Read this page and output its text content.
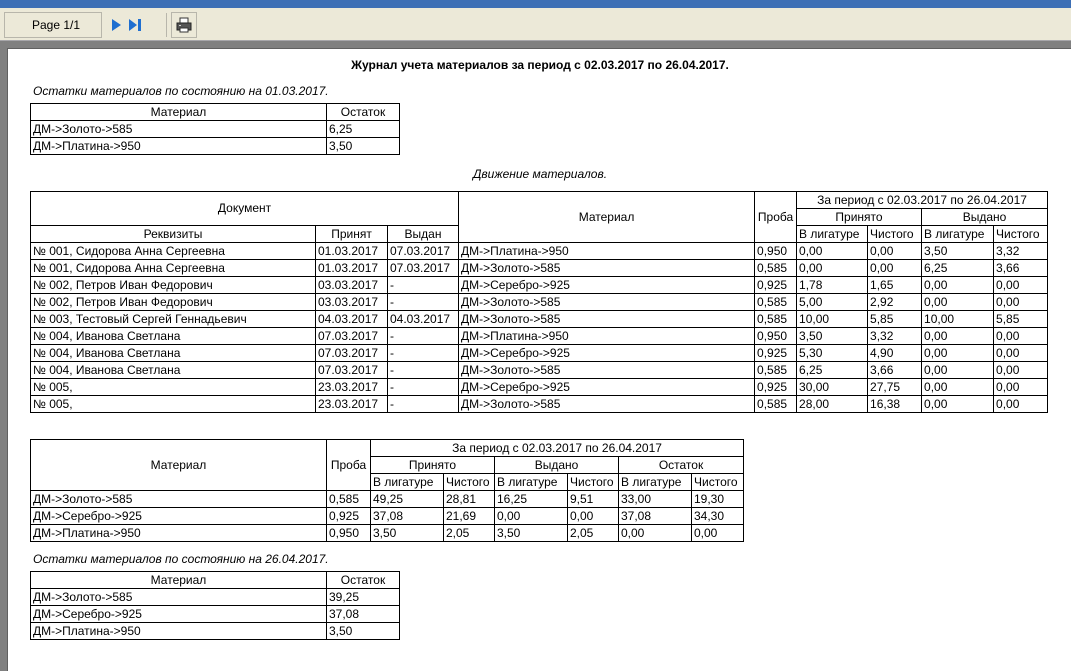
Page 1/1
Журнал учета материалов за период с 02.03.2017 по 26.04.2017.
Остатки материалов по состоянию на 01.03.2017.
Материал	Остаток
ДМ->Золото->585	6,25
ДМ->Платина->950	3,50
Движение материалов.
Документ			Материал	Проба	За период с 02.03.2017 по 26.04.2017			
					Принято		Выдано	
Реквизиты	Принят	Выдан			В лигатуре	Чистого	В лигатуре	Чистого
№ 001, Сидорова Анна Сергеевна	01.03.2017	07.03.2017	ДМ->Платина->950	0,950	0,00	0,00	3,50	3,32
№ 001, Сидорова Анна Сергеевна	01.03.2017	07.03.2017	ДМ->Золото->585	0,585	0,00	0,00	6,25	3,66
№ 002, Петров Иван Федорович	03.03.2017	-	ДМ->Серебро->925	0,925	1,78	1,65	0,00	0,00
№ 002, Петров Иван Федорович	03.03.2017	-	ДМ->Золото->585	0,585	5,00	2,92	0,00	0,00
№ 003, Тестовый Сергей Геннадьевич	04.03.2017	04.03.2017	ДМ->Золото->585	0,585	10,00	5,85	10,00	5,85
№ 004, Иванова Светлана	07.03.2017	-	ДМ->Платина->950	0,950	3,50	3,32	0,00	0,00
№ 004, Иванова Светлана	07.03.2017	-	ДМ->Серебро->925	0,925	5,30	4,90	0,00	0,00
№ 004, Иванова Светлана	07.03.2017	-	ДМ->Золото->585	0,585	6,25	3,66	0,00	0,00
№ 005,	23.03.2017	-	ДМ->Серебро->925	0,925	30,00	27,75	0,00	0,00
№ 005,	23.03.2017	-	ДМ->Золото->585	0,585	28,00	16,38	0,00	0,00
Материал	Проба	За период с 02.03.2017 по 26.04.2017					
		Принято		Выдано		Остаток	
		В лигатуре	Чистого	В лигатуре	Чистого	В лигатуре	Чистого
ДМ->Золото->585	0,585	49,25	28,81	16,25	9,51	33,00	19,30
ДМ->Серебро->925	0,925	37,08	21,69	0,00	0,00	37,08	34,30
ДМ->Платина->950	0,950	3,50	2,05	3,50	2,05	0,00	0,00
Остатки материалов по состоянию на 26.04.2017.
Материал	Остаток
ДМ->Золото->585	39,25
ДМ->Серебро->925	37,08
ДМ->Платина->950	3,50
